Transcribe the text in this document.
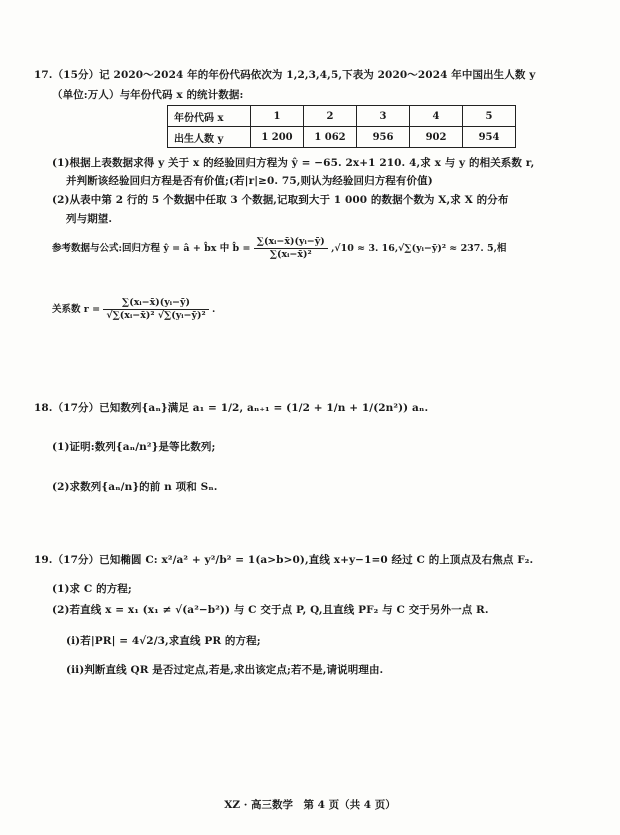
17.（15分）记 2020～2024 年的年份代码依次为 1,2,3,4,5,下表为 2020～2024 年中国出生人数 y
（单位:万人）与年份代码 x 的统计数据:
年份代码 x	1	2	3	4	5
出生人数 y	1 200	1 062	956	902	954
(1)根据上表数据求得 y 关于 x 的经验回归方程为 ŷ = −65. 2x+1 210. 4,求 x 与 y 的相关系数 r,
并判断该经验回归方程是否有价值;(若|r|≥0. 75,则认为经验回归方程有价值)
(2)从表中第 2 行的 5 个数据中任取 3 个数据,记取到大于 1 000 的数据个数为 X,求 X 的分布
列与期望.
参考数据与公式:回归方程 ŷ = â + b̂x 中 b̂ = $\frac{\text{∑(xᵢ−x̄)(yᵢ−ȳ)}}{\text{∑(xᵢ−x̄)²}} ,√10 \approx 3$. 16,√∑(yᵢ−ȳ)² ≈ 237. 5,相
关系数 $r = \frac{\text{∑(xᵢ−x̄)(yᵢ−ȳ)}}{\text{√∑(xᵢ−x̄)² √∑(yᵢ−ȳ)²}}$ .
18.（17分）已知数列{aₙ}满足 a₁ = 1/2, aₙ₊₁ = (1/2 + 1/n + 1/(2n²)) aₙ.
(1)证明:数列{aₙ/n²}是等比数列;
(2)求数列{aₙ/n}的前 n 项和 Sₙ.
19.（17分）已知椭圆 C: x²/a² + y²/b² = 1(a>b>0),直线 x+y−1=0 经过 C 的上顶点及右焦点 F₂.
(1)求 C 的方程;
(2)若直线 x = x₁ (x₁ ≠ √(a²−b²)) 与 C 交于点 P, Q,且直线 PF₂ 与 C 交于另外一点 R.
(i)若|PR| = 4√2/3,求直线 PR 的方程;
(ii)判断直线 QR 是否过定点,若是,求出该定点;若不是,请说明理由.
XZ · 高三数学　第 4 页（共 4 页）
